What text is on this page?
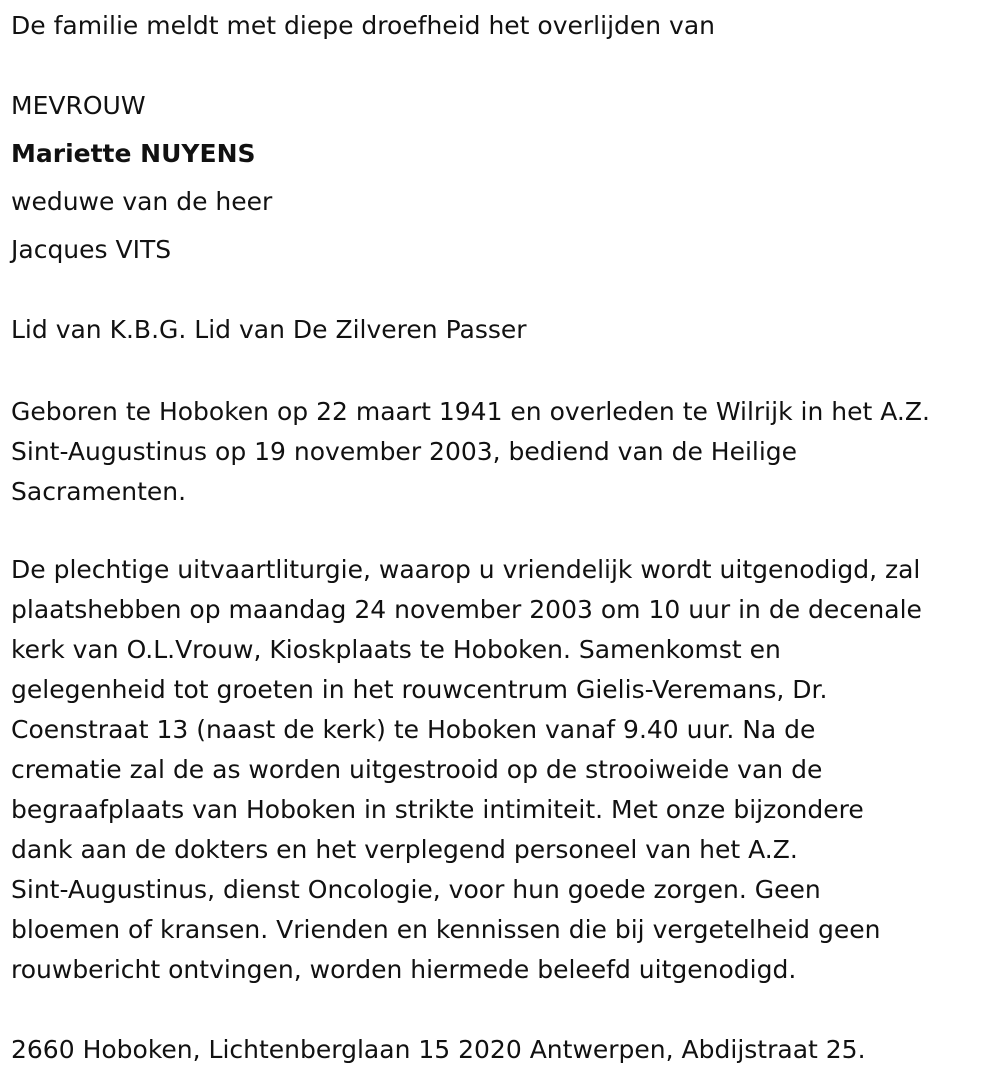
De familie meldt met diepe droefheid het overlijden van
MEVROUW
Mariette NUYENS
weduwe van de heer
Jacques VITS
Lid van K.B.G. Lid van De Zilveren Passer
Geboren te Hoboken op 22 maart 1941 en overleden te Wilrijk in het A.Z.
Sint-Augustinus op 19 november 2003, bediend van de Heilige
Sacramenten.
De plechtige uitvaartliturgie, waarop u vriendelijk wordt uitgenodigd, zal
plaatshebben op maandag 24 november 2003 om 10 uur in de decenale
kerk van O.L.Vrouw, Kioskplaats te Hoboken. Samenkomst en
gelegenheid tot groeten in het rouwcentrum Gielis-Veremans, Dr.
Coenstraat 13 (naast de kerk) te Hoboken vanaf 9.40 uur. Na de
crematie zal de as worden uitgestrooid op de strooiweide van de
begraafplaats van Hoboken in strikte intimiteit. Met onze bijzondere
dank aan de dokters en het verplegend personeel van het A.Z.
Sint-Augustinus, dienst Oncologie, voor hun goede zorgen. Geen
bloemen of kransen. Vrienden en kennissen die bij vergetelheid geen
rouwbericht ontvingen, worden hiermede beleefd uitgenodigd.
2660 Hoboken, Lichtenberglaan 15 2020 Antwerpen, Abdijstraat 25.
